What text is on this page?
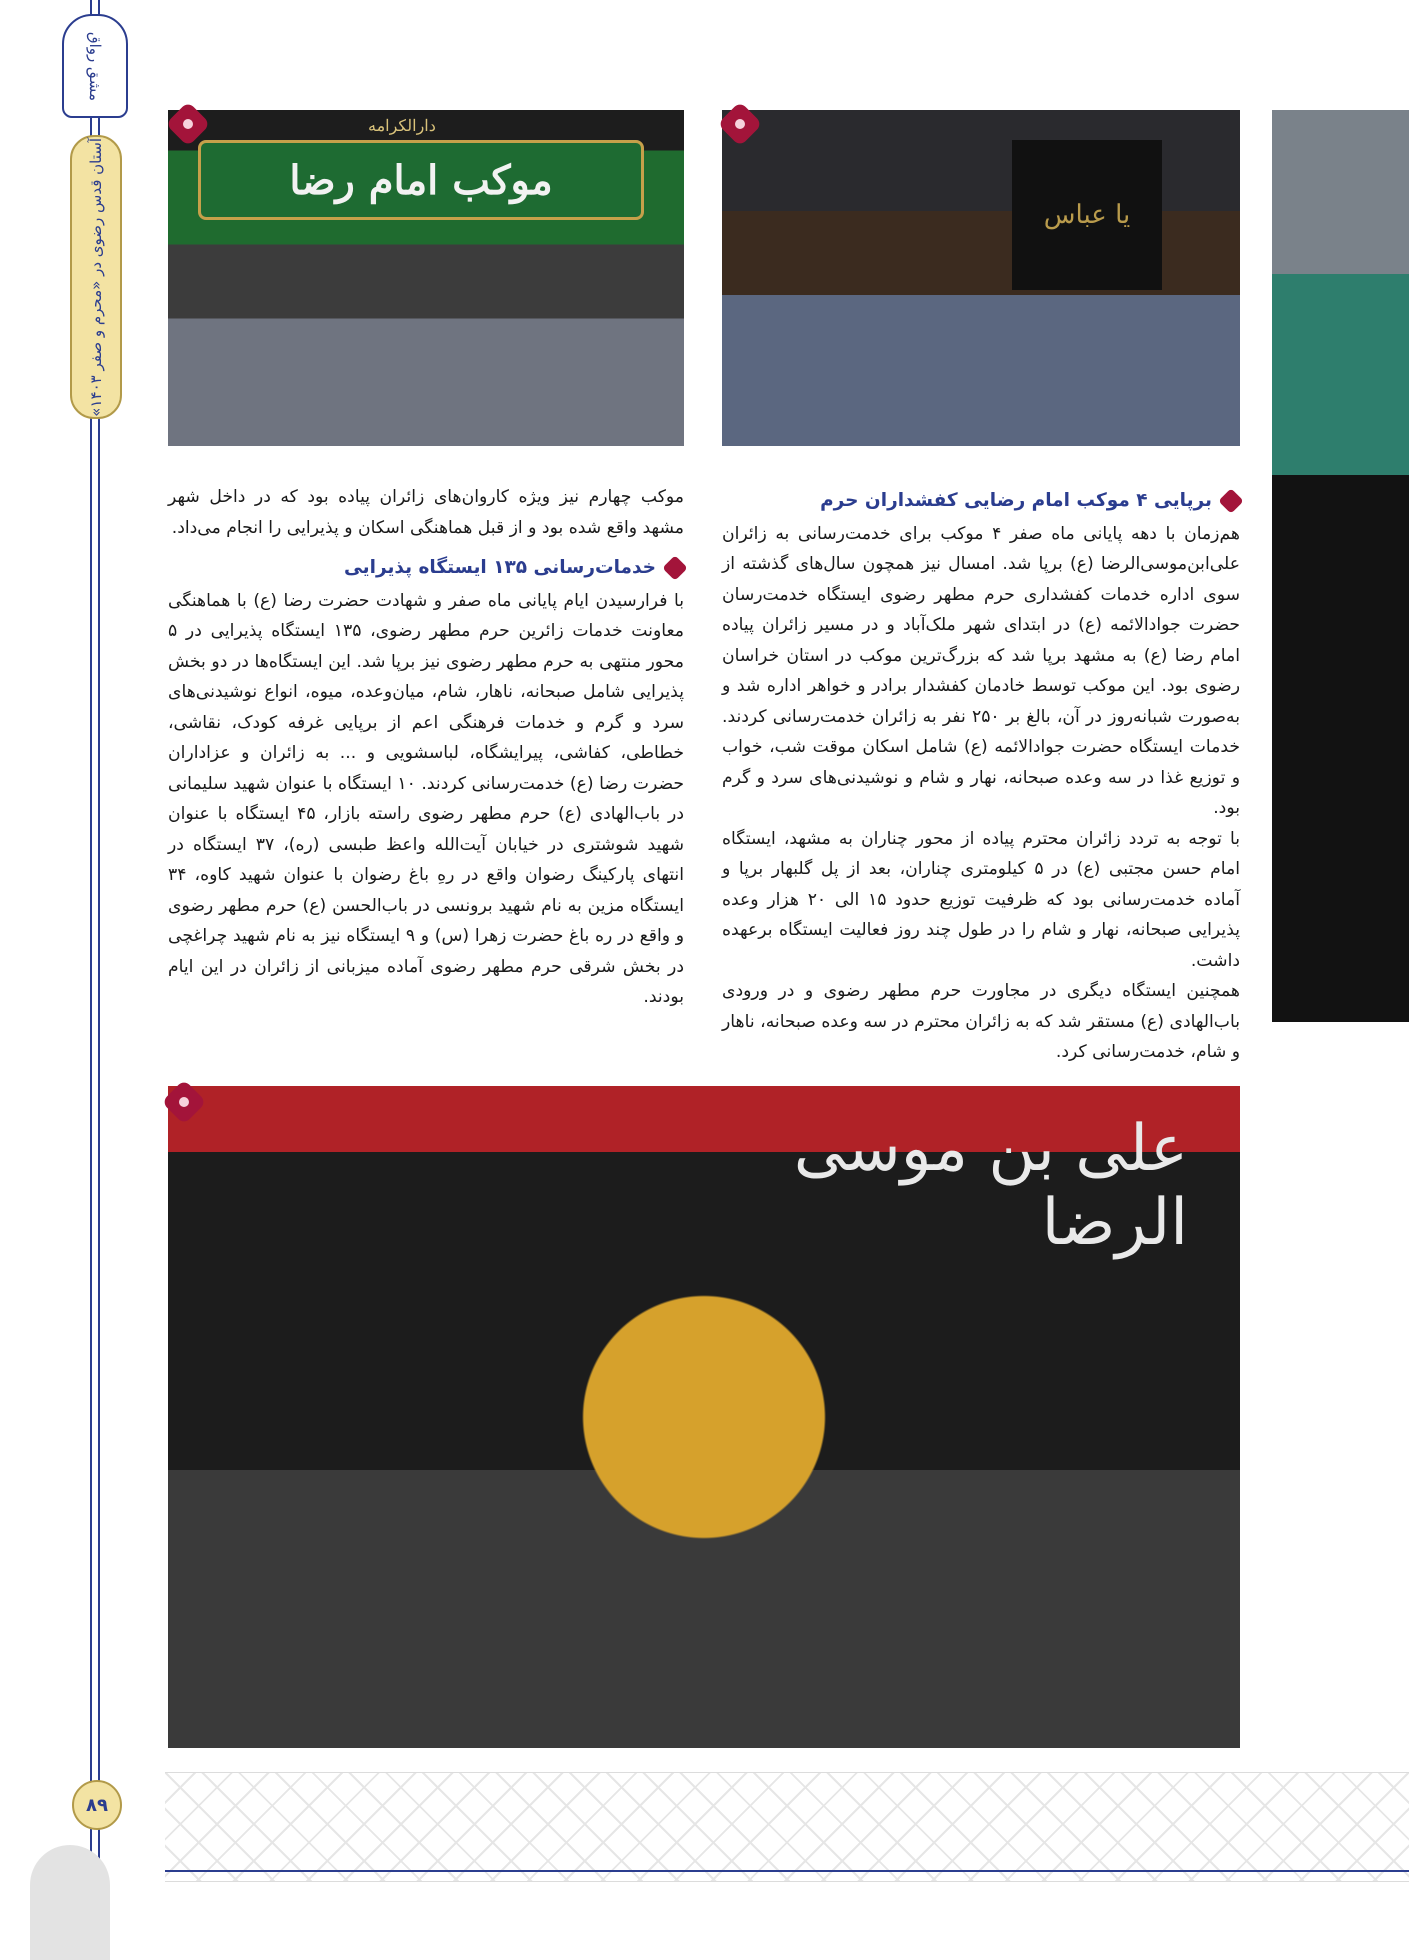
مشق رواق
آستان قدس رضوی در «محرم و صفر ۱۴۰۳»
۸۹
موکب امام رضا
دارالکرامه
یا عباس
علی بن موسی الرضا
برپایی ۴ موکب امام رضایی کفشداران حرم

هم‌زمان با دهه پایانی ماه صفر ۴ موکب برای خدمت‌رسانی به زائران علی‌ابن‌موسی‌الرضا (ع) برپا شد. امسال نیز همچون سال‌های گذشته از سوی اداره خدمات کفشداری حرم مطهر رضوی ایستگاه خدمت‌رسان حضرت جوادالائمه (ع) در ابتدای شهر ملک‌آباد و در مسیر زائران پیاده امام رضا (ع) به مشهد برپا شد که بزرگ‌ترین موکب در استان خراسان رضوی بود. این موکب توسط خادمان کفشدار برادر و خواهر اداره شد و به‌صورت شبانه‌روز در آن، بالغ بر ۲۵۰ نفر به زائران خدمت‌رسانی کردند. خدمات ایستگاه حضرت جوادالائمه (ع) شامل اسکان موقت شب، خواب و توزیع غذا در سه وعده صبحانه، نهار و شام و نوشیدنی‌های سرد و گرم بود.

با توجه به تردد زائران محترم پیاده از محور چناران به مشهد، ایستگاه امام حسن مجتبی (ع) در ۵ کیلومتری چناران، بعد از پل گلبهار برپا و آماده خدمت‌رسانی بود که ظرفیت توزیع حدود ۱۵ الی ۲۰ هزار وعده پذیرایی صبحانه، نهار و شام را در طول چند روز فعالیت ایستگاه برعهده داشت.

همچنین ایستگاه دیگری در مجاورت حرم مطهر رضوی و در ورودی باب‌الهادی (ع) مستقر شد که به زائران محترم در سه وعده صبحانه، ناهار و شام، خدمت‌رسانی کرد.

موکب چهارم نیز ویژه کاروان‌های زائران پیاده بود که در داخل شهر مشهد واقع شده بود و از قبل هماهنگی اسکان و پذیرایی را انجام می‌داد.

خدمات‌رسانی ۱۳۵ ایستگاه پذیرایی

با فرارسیدن ایام پایانی ماه صفر و شهادت حضرت رضا (ع) با هماهنگی معاونت خدمات زائرین حرم مطهر رضوی، ۱۳۵ ایستگاه پذیرایی در ۵ محور منتهی به حرم مطهر رضوی نیز برپا شد. این ایستگاه‌ها در دو بخش پذیرایی شامل صبحانه، ناهار، شام، میان‌وعده، میوه، انواع نوشیدنی‌های سرد و گرم و خدمات فرهنگی اعم از برپایی غرفه کودک، نقاشی، خطاطی، کفاشی، پیرایشگاه، لباسشویی و ... به زائران و عزاداران حضرت رضا (ع) خدمت‌رسانی کردند. ۱۰ ایستگاه با عنوان شهید سلیمانی در باب‌الهادی (ع) حرم مطهر رضوی راسته بازار، ۴۵ ایستگاه با عنوان شهید شوشتری در خیابان آیت‌الله واعظ طبسی (ره)، ۳۷ ایستگاه در انتهای پارکینگ رضوان واقع در رهِ باغ رضوان با عنوان شهید کاوه، ۳۴ ایستگاه مزین به نام شهید برونسی در باب‌الحسن (ع) حرم مطهر رضوی و واقع در ره باغ حضرت زهرا (س) و ۹ ایستگاه نیز به نام شهید چراغچی در بخش شرقی حرم مطهر رضوی آماده میزبانی از زائران در این ایام بودند.
